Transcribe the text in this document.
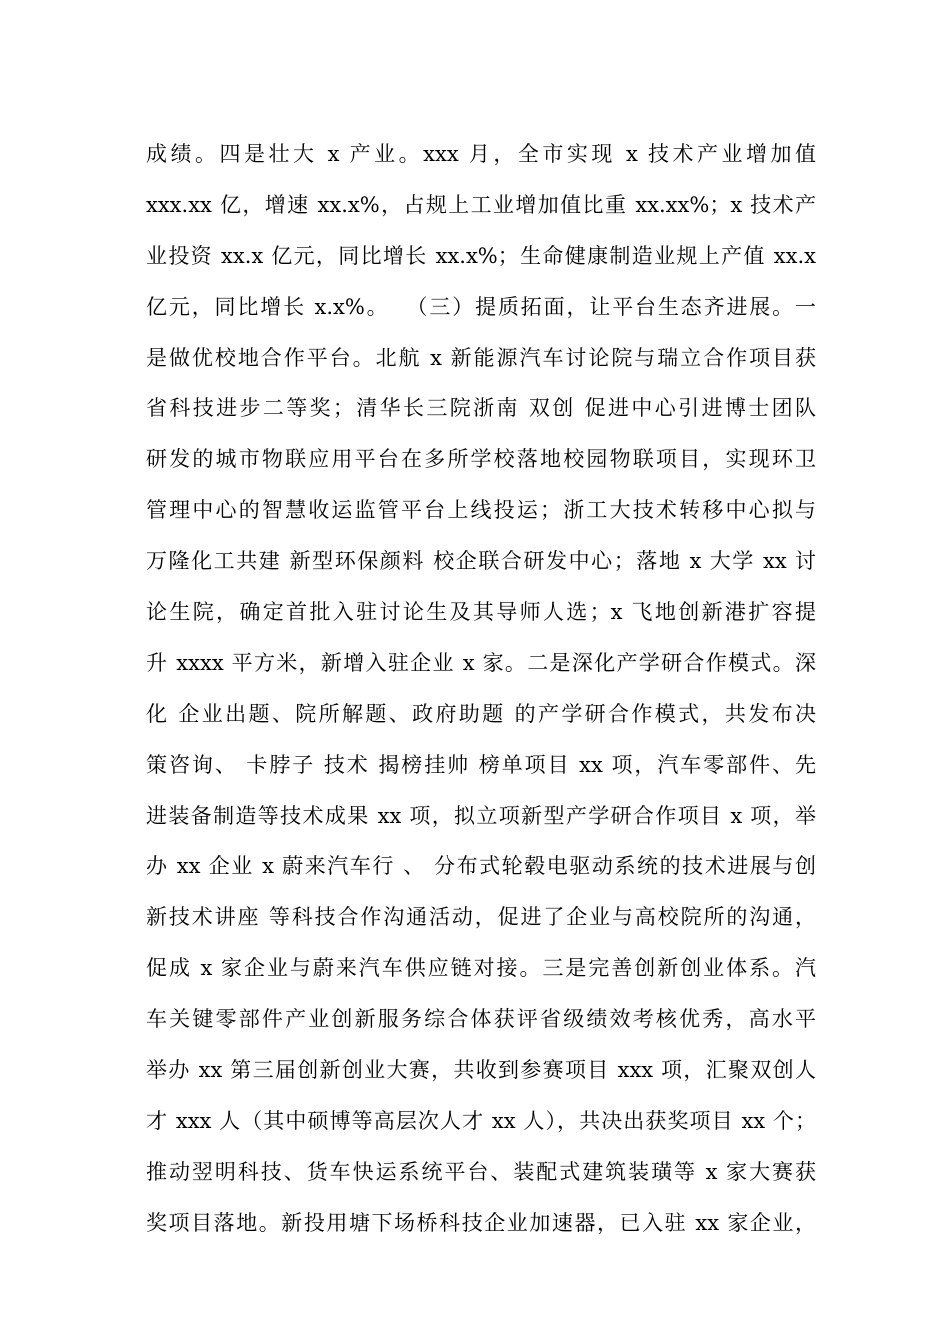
成绩。四是壮大 x 产业。xxx 月，全市实现 x 技术产业增加值
xxx.xx 亿，增速 xx.x%，占规上工业增加值比重 xx.xx%；x 技术产
业投资 xx.x 亿元，同比增长 xx.x%；生命健康制造业规上产值 xx.x
亿元，同比增长 x.x%。  （三）提质拓面，让平台生态齐进展。一
是做优校地合作平台。北航 x 新能源汽车讨论院与瑞立合作项目获
省科技进步二等奖；清华长三院浙南 双创 促进中心引进博士团队
研发的城市物联应用平台在多所学校落地校园物联项目，实现环卫
管理中心的智慧收运监管平台上线投运；浙工大技术转移中心拟与
万隆化工共建 新型环保颜料 校企联合研发中心；落地 x 大学 xx 讨
论生院，确定首批入驻讨论生及其导师人选；x 飞地创新港扩容提
升 xxxx 平方米，新增入驻企业 x 家。二是深化产学研合作模式。深
化 企业出题、院所解题、政府助题 的产学研合作模式，共发布决
策咨询、 卡脖子 技术 揭榜挂帅 榜单项目 xx 项，汽车零部件、先
进装备制造等技术成果 xx 项，拟立项新型产学研合作项目 x 项，举
办 xx 企业 x 蔚来汽车行 、 分布式轮毂电驱动系统的技术进展与创
新技术讲座 等科技合作沟通活动，促进了企业与高校院所的沟通，
促成 x 家企业与蔚来汽车供应链对接。三是完善创新创业体系。汽
车关键零部件产业创新服务综合体获评省级绩效考核优秀，高水平
举办 xx 第三届创新创业大赛，共收到参赛项目 xxx 项，汇聚双创人
才 xxx 人（其中硕博等高层次人才 xx 人），共决出获奖项目 xx 个；
推动翌明科技、货车快运系统平台、装配式建筑装璜等 x 家大赛获
奖项目落地。新投用塘下场桥科技企业加速器，已入驻 xx 家企业，
